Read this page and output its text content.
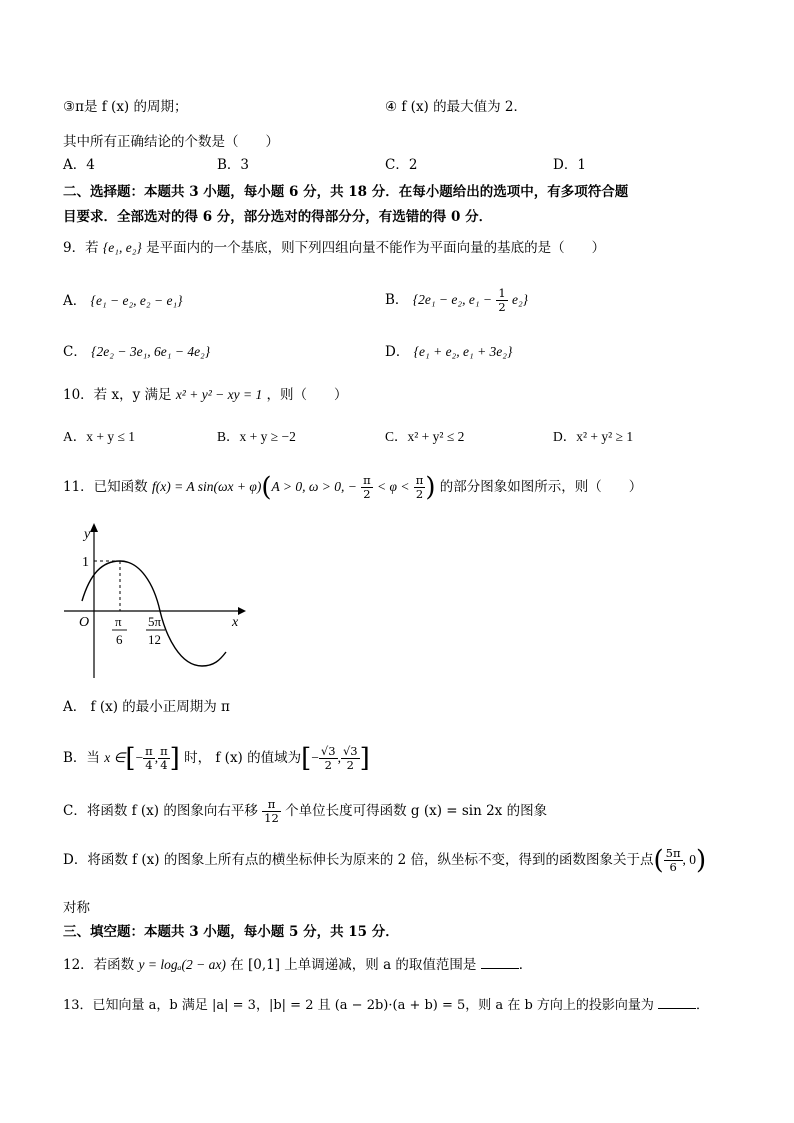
③π是 f (x) 的周期；	④ f (x) 的最大值为 2．
其中所有正确结论的个数是（　　）
A．4	B．3	C．2	D．1
二、选择题：本题共 3 小题，每小题 6 分，共 18 分．在每小题给出的选项中，有多项符合题
目要求．全部选对的得 6 分，部分选对的得部分分，有选错的得 0 分．
9．若 {e₁, e₂} 是平面内的一个基底，则下列四组向量不能作为平面向量的基底的是（　　）
A． {e₁ − e₂, e₂ − e₁}	B． {2e₁ − e₂, $e_1 - \frac{1}{2} e_2$}
C． {2e₂ − 3e₁, 6e₁ − 4e₂}	D． {e₁ + e₂, e₁ + 3e₂}
10．若 x，y 满足 x² + y² − xy = 1 ，则（　　）
A．x + y ≤ 1	B．x + y ≥ −2	C．x² + y² ≤ 2	D．x² + y² ≥ 1
11．已知函数 f(x) = A sin(ωx + φ)(A > 0, ω > 0, − $\frac{\pi}{2} < \varphi < \frac{\pi}{2}$ ) 的部分图象如图所示，则（　　）
y
x
O
1
π
6
5π
12
A． f (x) 的最小正周期为 π
B．当 x ∈[− $\frac{\pi}{4}$ , $\frac{\pi}{4}$ ] 时， f (x) 的值域为[− $\frac{√3}{2}$ , $\frac{√3}{2}$ ]
C．将函数 f (x) 的图象向右平移 $\frac{\pi}{12}$ 个单位长度可得函数 g (x) = sin 2x 的图象
D．将函数 f (x) 的图象上所有点的横坐标伸长为原来的 2 倍，纵坐标不变，得到的函数图象关于点( $\frac{5\pi}{6}$ , 0)
对称
三、填空题：本题共 3 小题，每小题 5 分，共 15 分．
12．若函数 y = logₐ(2 − ax) 在 [0,1] 上单调递减，则 a 的取值范围是	．
13．已知向量 a，b 满足 |a| = 3，|b| = 2 且 (a − 2b)·(a + b) = 5，则 a 在 b 方向上的投影向量为	．
